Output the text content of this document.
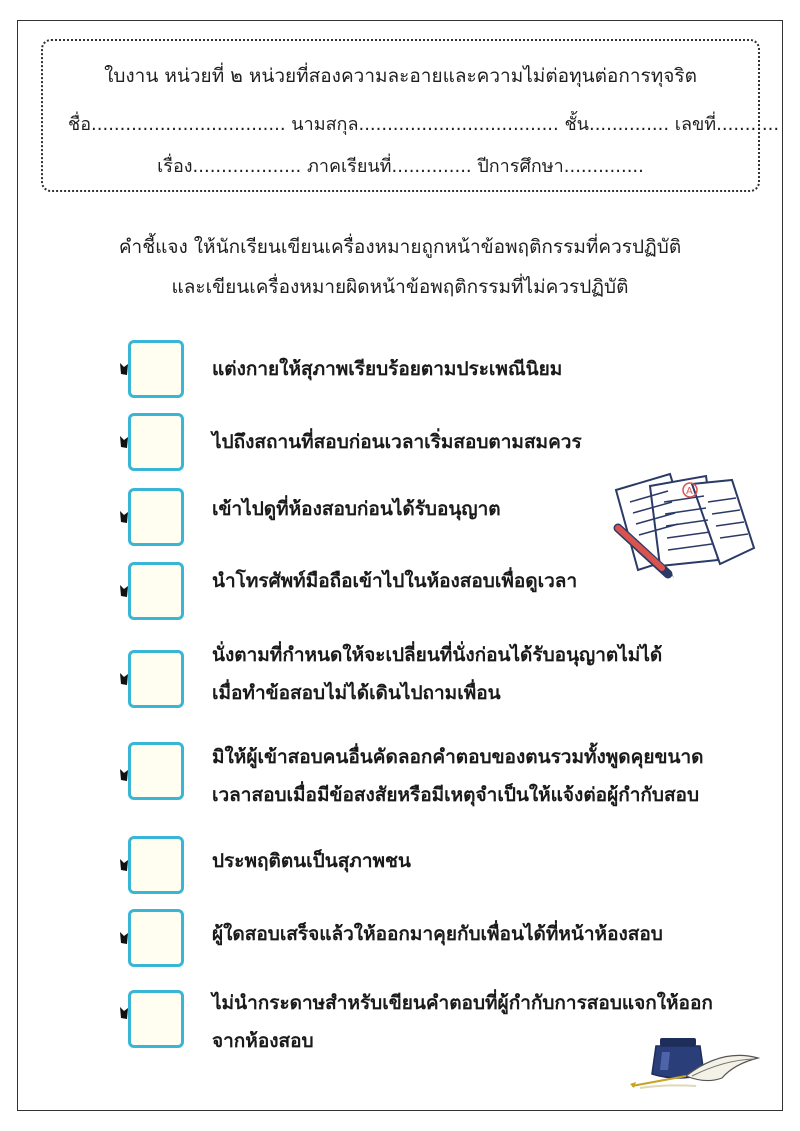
ใบงาน หน่วยที่ ๒ หน่วยที่สองความละอายและความไม่ต่อทุนต่อการทุจริต
ชื่อ.................................. นามสกุล................................... ชั้น.............. เลขที่...........
เรื่อง................... ภาคเรียนที่.............. ปีการศึกษา..............
คำชี้แจง ให้นักเรียนเขียนเครื่องหมายถูกหน้าข้อพฤติกรรมที่ควรปฏิบัติ
และเขียนเครื่องหมายผิดหน้าข้อพฤติกรรมที่ไม่ควรปฏิบัติ
แต่งกายให้สุภาพเรียบร้อยตามประเพณีนิยม
ไปถึงสถานที่สอบก่อนเวลาเริ่มสอบตามสมควร
เข้าไปดูที่ห้องสอบก่อนได้รับอนุญาต
นำโทรศัพท์มือถือเข้าไปในห้องสอบเพื่อดูเวลา
นั่งตามที่กำหนดให้จะเปลี่ยนที่นั่งก่อนได้รับอนุญาตไม่ได้
เมื่อทำข้อสอบไม่ได้เดินไปถามเพื่อน
มิให้ผู้เข้าสอบคนอื่นคัดลอกคำตอบของตนรวมทั้งพูดคุยขนาด
เวลาสอบเมื่อมีข้อสงสัยหรือมีเหตุจำเป็นให้แจ้งต่อผู้กำกับสอบ
ประพฤติตนเป็นสุภาพชน
ผู้ใดสอบเสร็จแล้วให้ออกมาคุยกับเพื่อนได้ที่หน้าห้องสอบ
ไม่นำกระดาษสำหรับเขียนคำตอบที่ผู้กำกับการสอบแจกให้ออก
จากห้องสอบ
A
